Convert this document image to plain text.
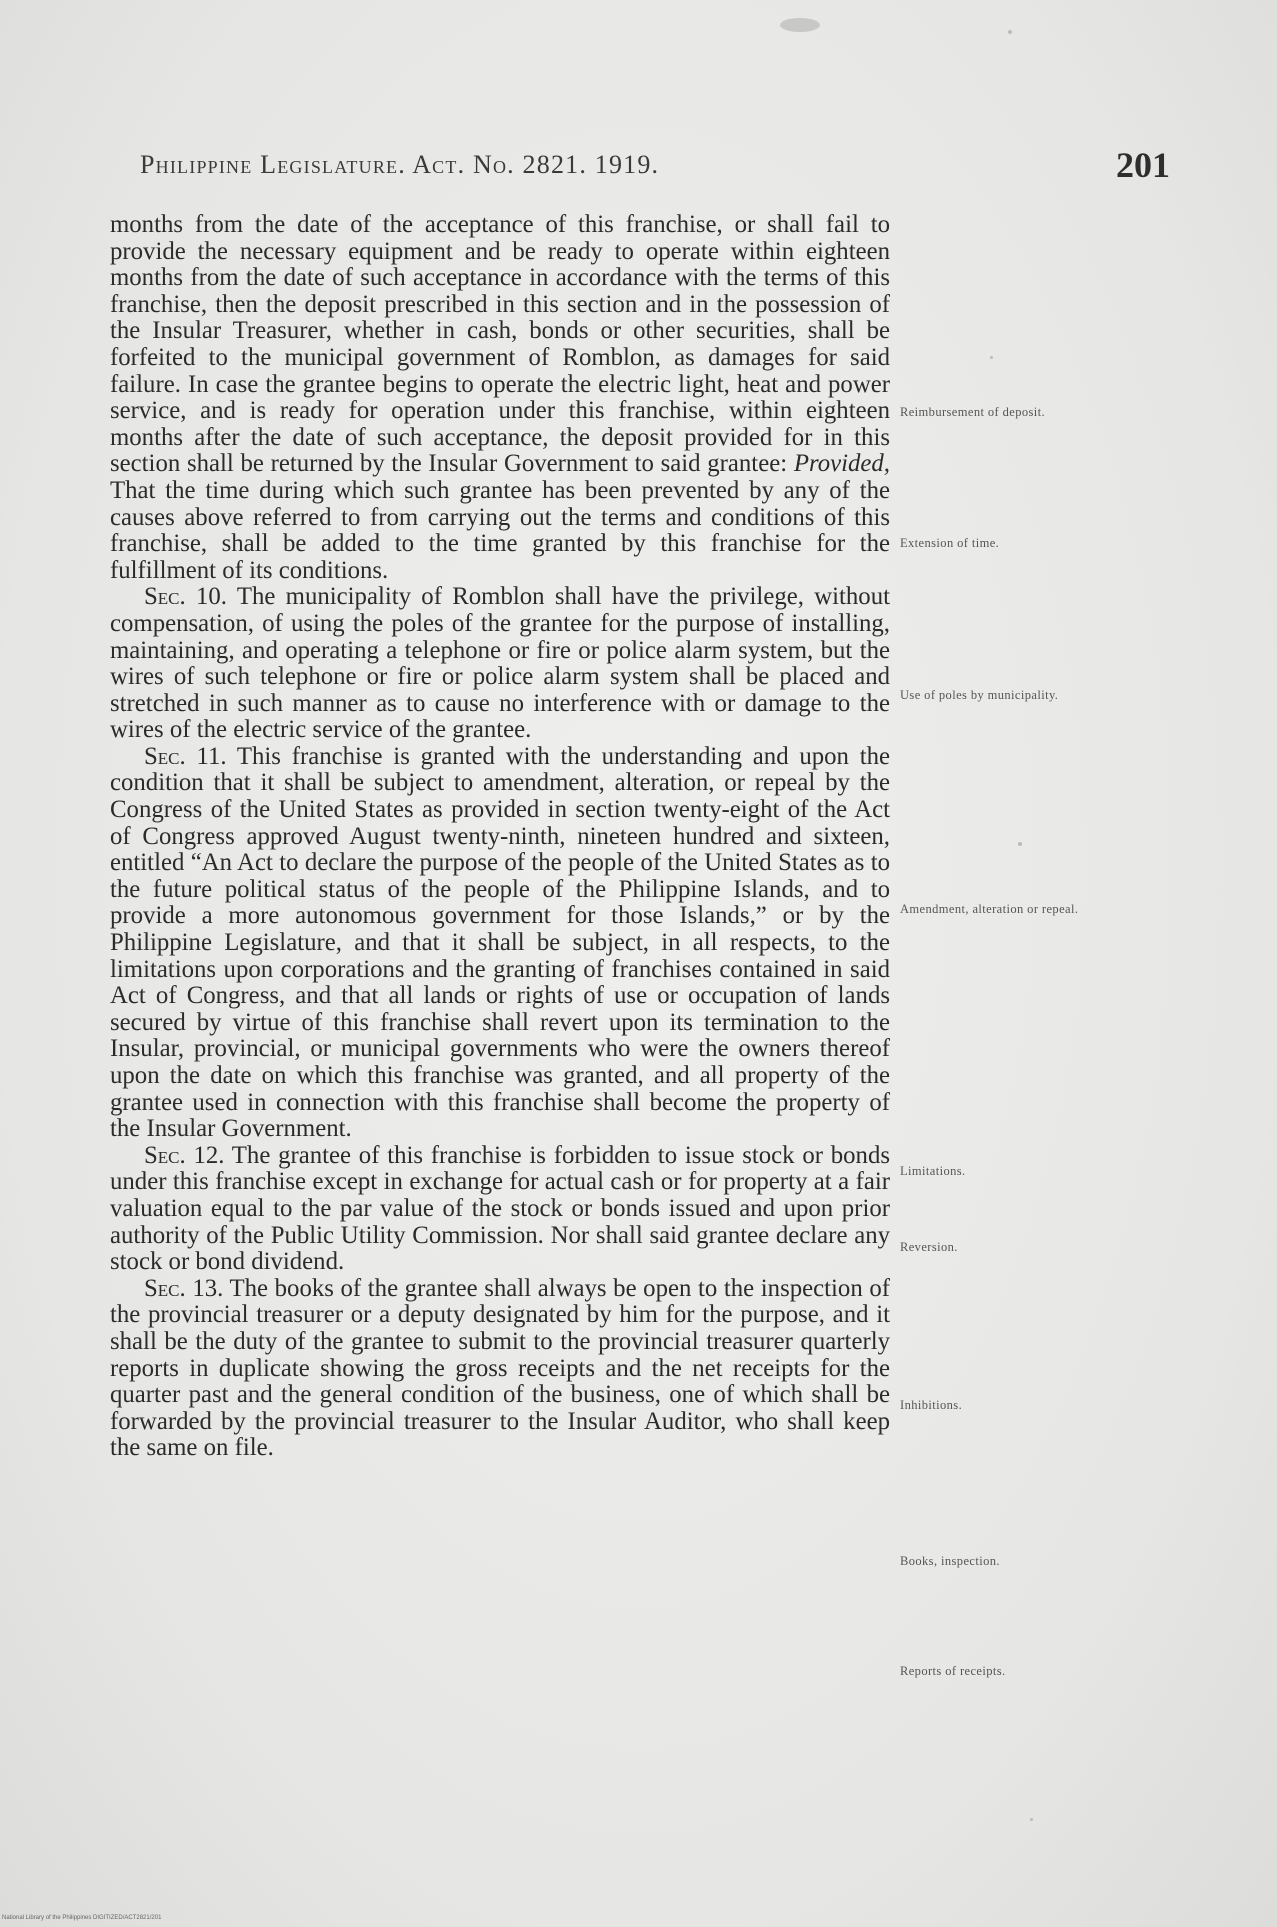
Philippine Legislature. Act. No. 2821. 1919.	201
months from the date of the acceptance of this franchise, or shall fail to provide the necessary equipment and be ready to operate within eighteen months from the date of such acceptance in accordance with the terms of this franchise, then the deposit prescribed in this section and in the possession of the Insular Treasurer, whether in cash, bonds or other securities, shall be forfeited to the municipal government of Romblon, as damages for said failure. In case the grantee begins to operate the electric light, heat and power service, and is ready for operation under this franchise, within eighteen months after the date of such acceptance, the deposit provided for in this section shall be returned by the Insular Government to said grantee: Provided, That the time during which such grantee has been prevented by any of the causes above referred to from carrying out the terms and conditions of this franchise, shall be added to the time granted by this franchise for the fulfillment of its conditions.

Sec. 10. The municipality of Romblon shall have the privilege, without compensation, of using the poles of the grantee for the purpose of installing, maintaining, and operating a telephone or fire or police alarm system, but the wires of such telephone or fire or police alarm system shall be placed and stretched in such manner as to cause no interference with or damage to the wires of the electric service of the grantee.

Sec. 11. This franchise is granted with the understanding and upon the condition that it shall be subject to amendment, alteration, or repeal by the Congress of the United States as provided in section twenty-eight of the Act of Congress approved August twenty-ninth, nineteen hundred and sixteen, entitled “An Act to declare the purpose of the people of the United States as to the future political status of the people of the Philippine Islands, and to provide a more autonomous government for those Islands,” or by the Philippine Legislature, and that it shall be subject, in all respects, to the limitations upon corporations and the granting of franchises contained in said Act of Congress, and that all lands or rights of use or occupation of lands secured by virtue of this franchise shall revert upon its termination to the Insular, provincial, or municipal governments who were the owners thereof upon the date on which this franchise was granted, and all property of the grantee used in connection with this franchise shall become the property of the Insular Government.

Sec. 12. The grantee of this franchise is forbidden to issue stock or bonds under this franchise except in exchange for actual cash or for property at a fair valuation equal to the par value of the stock or bonds issued and upon prior authority of the Public Utility Commission. Nor shall said grantee declare any stock or bond dividend.

Sec. 13. The books of the grantee shall always be open to the inspection of the provincial treasurer or a deputy designated by him for the purpose, and it shall be the duty of the grantee to submit to the provincial treasurer quarterly reports in duplicate showing the gross receipts and the net receipts for the quarter past and the general condition of the business, one of which shall be forwarded by the provincial treasurer to the Insular Auditor, who shall keep the same on file.

Reimbursement of deposit.
Extension of time.
Use of poles by municipality.
Amendment, alteration or repeal.
Limitations.
Reversion.
Inhibitions.
Books, inspection.
Reports of receipts.
National Library of the Philippines DIGITIZED/ACT2821/201
